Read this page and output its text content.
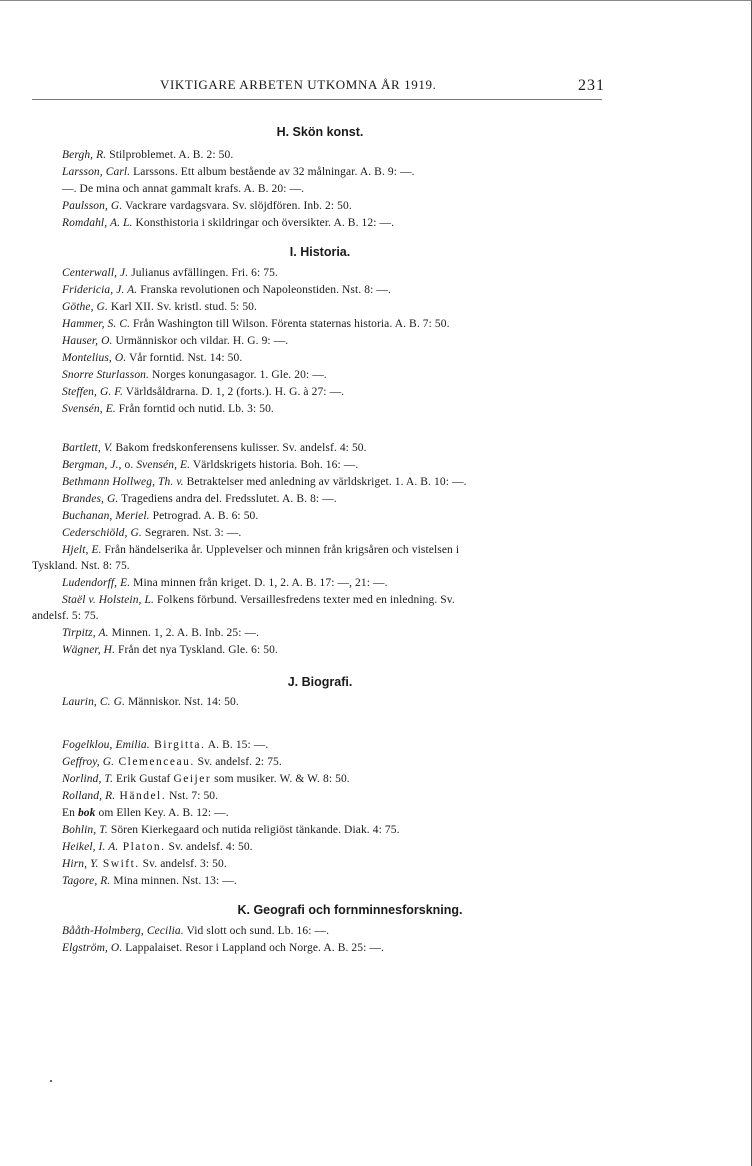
VIKTIGARE ARBETEN UTKOMNA ÅR 1919.	231
H. Skön konst.
Bergh, R. Stilproblemet. A. B. 2: 50.
Larsson, Carl. Larssons. Ett album bestående av 32 målningar. A. B. 9: —.
—. De mina och annat gammalt krafs. A. B. 20: —.
Paulsson, G. Vackrare vardagsvara. Sv. slöjdfören. Inb. 2: 50.
Romdahl, A. L. Konsthistoria i skildringar och översikter. A. B. 12: —.
I. Historia.
Centerwall, J. Julianus avfällingen. Fri. 6: 75.
Fridericia, J. A. Franska revolutionen och Napoleonstiden. Nst. 8: —.
Göthe, G. Karl XII. Sv. kristl. stud. 5: 50.
Hammer, S. C. Från Washington till Wilson. Förenta staternas historia. A. B. 7: 50.
Hauser, O. Urmänniskor och vildar. H. G. 9: —.
Montelius, O. Vår forntid. Nst. 14: 50.
Snorre Sturlasson. Norges konungasagor. 1. Gle. 20: —.
Steffen, G. F. Världsåldrarna. D. 1, 2 (forts.). H. G. à 27: —.
Svensén, E. Från forntid och nutid. Lb. 3: 50.
Bartlett, V. Bakom fredskonferensens kulisser. Sv. andelsf. 4: 50.
Bergman, J., o. Svensén, E. Världskrigets historia. Boh. 16: —.
Bethmann Hollweg, Th. v. Betraktelser med anledning av världskriget. 1. A. B. 10: —.
Brandes, G. Tragediens andra del. Fredsslutet. A. B. 8: —.
Buchanan, Meriel. Petrograd. A. B. 6: 50.
Cederschiöld, G. Segraren. Nst. 3: —.
Hjelt, E. Från händelserika år. Upplevelser och minnen från krigsåren och vistelsen i
Tyskland. Nst. 8: 75.
Ludendorff, E. Mina minnen från kriget. D. 1, 2. A. B. 17: —, 21: —.
Staël v. Holstein, L. Folkens förbund. Versaillesfredens texter med en inledning. Sv.
andelsf. 5: 75.
Tirpitz, A. Minnen. 1, 2. A. B. Inb. 25: —.
Wägner, H. Från det nya Tyskland. Gle. 6: 50.
J. Biografi.
Laurin, C. G. Människor. Nst. 14: 50.
Fogelklou, Emilia. Birgitta. A. B. 15: —.
Geffroy, G. Clemenceau. Sv. andelsf. 2: 75.
Norlind, T. Erik Gustaf Geijer som musiker. W. & W. 8: 50.
Rolland, R. Händel. Nst. 7: 50.
En bok om Ellen Key. A. B. 12: —.
Bohlin, T. Sören Kierkegaard och nutida religiöst tänkande. Diak. 4: 75.
Heikel, I. A. Platon. Sv. andelsf. 4: 50.
Hirn, Y. Swift. Sv. andelsf. 3: 50.
Tagore, R. Mina minnen. Nst. 13: —.
K. Geografi och fornminnesforskning.
Bååth-Holmberg, Cecilia. Vid slott och sund. Lb. 16: —.
Elgström, O. Lappalaiset. Resor i Lappland och Norge. A. B. 25: —.
